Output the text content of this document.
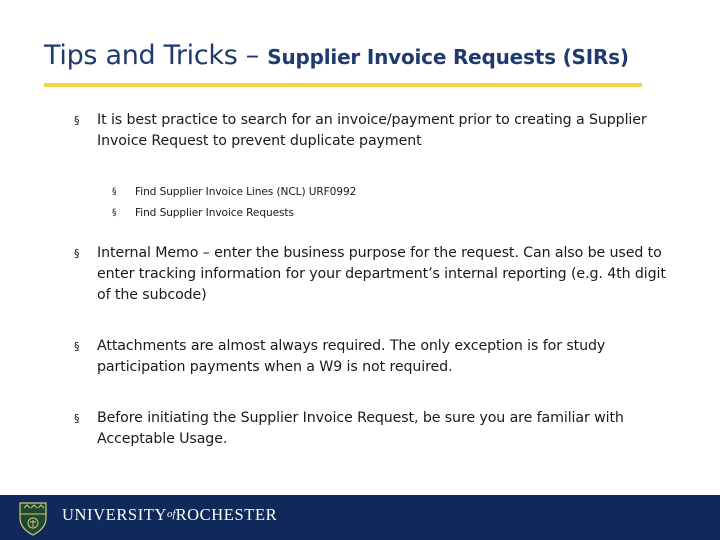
Tips and Tricks – Supplier Invoice Requests (SIRs)
§ It is best practice to search for an invoice/payment prior to creating a Supplier Invoice Request to prevent duplicate payment
§ Find Supplier Invoice Lines (NCL) URF0992
§ Find Supplier Invoice Requests
§ Internal Memo – enter the business purpose for the request. Can also be used to enter tracking information for your department’s internal reporting (e.g. 4th digit of the subcode)
§ Attachments are almost always required. The only exception is for study participation payments when a W9 is not required.
§ Before initiating the Supplier Invoice Request, be sure you are familiar with Acceptable Usage.
UNIVERSITYofROCHESTER
2
